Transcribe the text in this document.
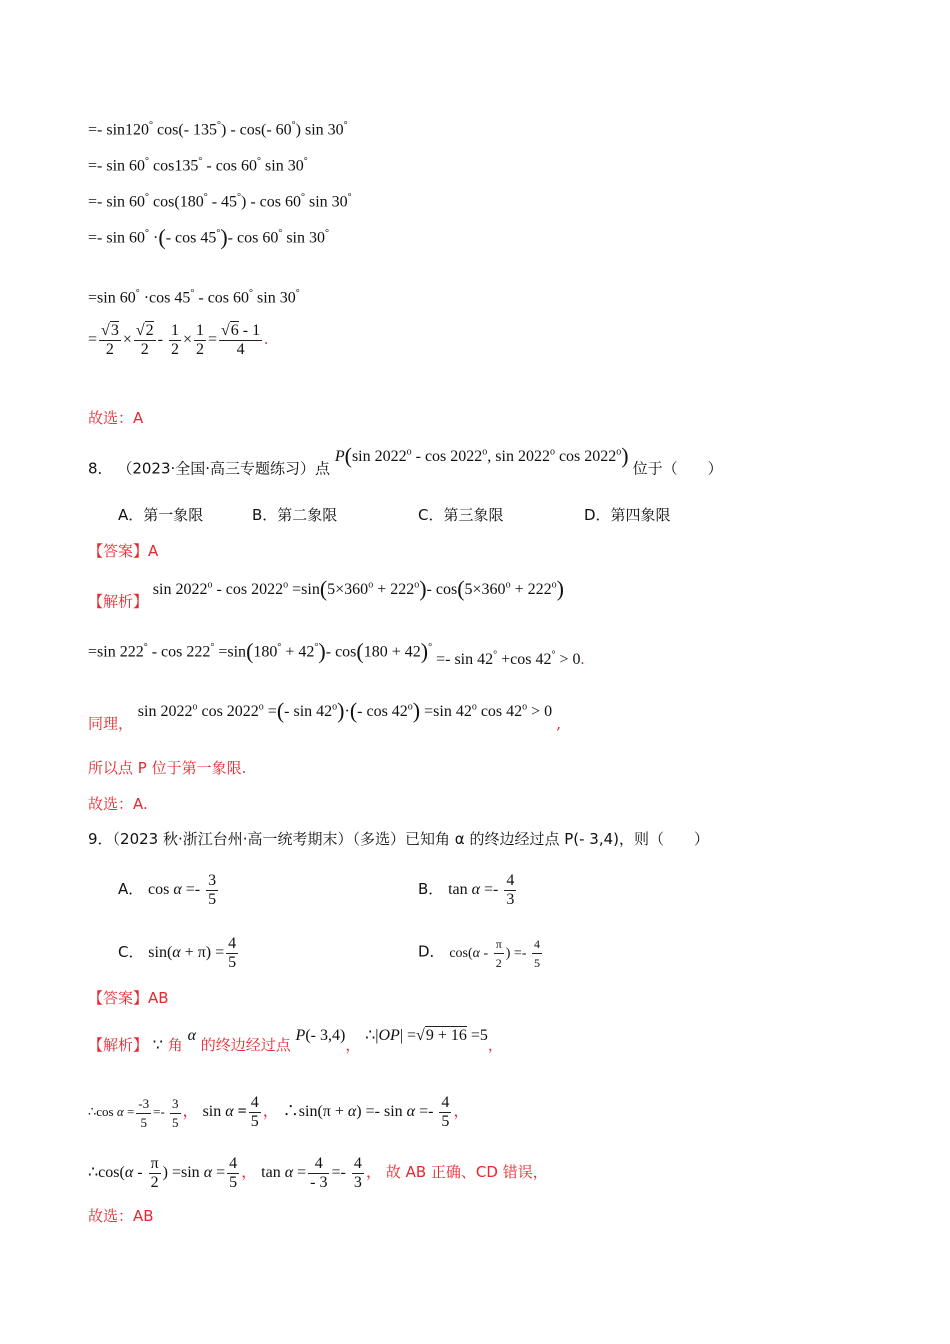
=- sin120° cos(- 135°) - cos(- 60°) sin 30°
=- sin 60° cos135° - cos 60° sin 30°
=- sin 60° cos(180° - 45°) - cos 60° sin 30°
=- sin 60° ·(- cos 45°)- cos 60° sin 30°
=sin 60° ·cos 45° - cos 60° sin 30°
= $\frac{√3}{2} \times \frac{√2}{2} - \frac{1}{2} \times \frac{1}{2} = \frac{√6 - 1}{4}$ .
故选：A
8． （2023·全国·高三专题练习）点
P(sin 2022$^o$ - cos 2022$^o$, sin 2022$^o$ cos 2022$^o$) 位于（　　）
A．第一象限	B．第二象限	C．第三象限	D．第四象限
【答案】A
【解析】
$\sin 2022^o - \cos 2022^o =\sin(5\times 360^o + 222^o)-$ $\cos(5\times 360^o + 222^o)$
=sin 222° - cos 222° =sin(180° + 42°)- cos(180 + 42)° =- sin 42° +cos 42° > 0.
同理，
sin 2022$^o$ $\cos 2022^o$ =(- $\sin 42^o)\cdot(-$ $\cos 42^o) =\sin$ 42$^o$ $\cos 42^o > 0$ ,
所以点 P 位于第一象限.
故选：A.
9．（2023 秋·浙江台州·高一统考期末）（多选）已知角 α 的终边经过点 P(- 3,4)，则（　　）
A． $\cos \alpha =- \frac{3}{5}$	B． $\tan \alpha =- \frac{4}{3}$
C． $\sin(\alpha + \pi) = \frac{4}{5}$	D． $\cos(\alpha - \frac{\pi}{2}$ ) =- $\frac{4}{5}$
【答案】AB
【解析】 ∵ 角 α 的终边经过点 P(- 3,4)， ∴|OP| =√9 + 16 =5，
∴cos $\alpha = \frac{-3}{5} =- \frac{3}{5}$ ， $\sin \alpha = \frac{4}{5}$ ， ∴sin(π + $\alpha) =- \sin \alpha =- \frac{4}{5}$ ，
∴cos(α - $\frac{\pi}{2}$ ) =sin $\alpha = \frac{4}{5}$ ， $\tan \alpha = \frac{4}{- 3} =- \frac{4}{3}$ ， 故 AB 正确、CD 错误，
故选：AB
